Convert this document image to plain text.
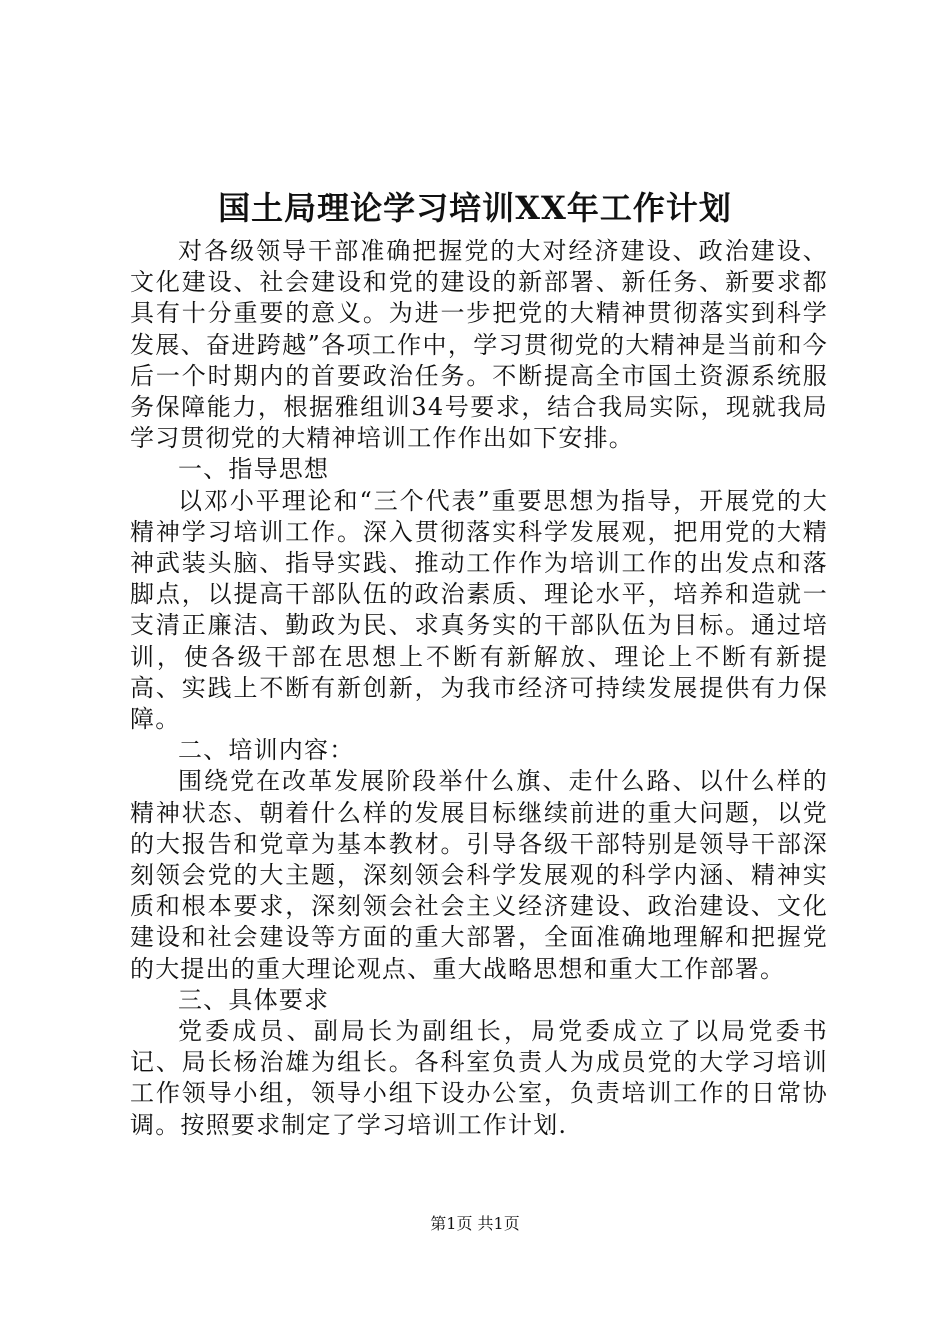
国土局理论学习培训XX年工作计划

对各级领导干部准确把握党的大对经济建设、政治建设、文化建设、社会建设和党的建设的新部署、新任务、新要求都具有十分重要的意义。为进一步把党的大精神贯彻落实到科学发展、奋进跨越”各项工作中，学习贯彻党的大精神是当前和今后一个时期内的首要政治任务。不断提高全市国土资源系统服务保障能力，根据雅组训34号要求，结合我局实际，现就我局学习贯彻党的大精神培训工作作出如下安排。

一、指导思想

以邓小平理论和“三个代表”重要思想为指导，开展党的大精神学习培训工作。深入贯彻落实科学发展观，把用党的大精神武装头脑、指导实践、推动工作作为培训工作的出发点和落脚点，以提高干部队伍的政治素质、理论水平，培养和造就一支清正廉洁、勤政为民、求真务实的干部队伍为目标。通过培训，使各级干部在思想上不断有新解放、理论上不断有新提高、实践上不断有新创新，为我市经济可持续发展提供有力保障。

二、培训内容：

围绕党在改革发展阶段举什么旗、走什么路、以什么样的精神状态、朝着什么样的发展目标继续前进的重大问题，以党的大报告和党章为基本教材。引导各级干部特别是领导干部深刻领会党的大主题，深刻领会科学发展观的科学内涵、精神实质和根本要求，深刻领会社会主义经济建设、政治建设、文化建设和社会建设等方面的重大部署，全面准确地理解和把握党的大提出的重大理论观点、重大战略思想和重大工作部署。

三、具体要求

党委成员、副局长为副组长，局党委成立了以局党委书记、局长杨治雄为组长。各科室负责人为成员党的大学习培训工作领导小组，领导小组下设办公室，负责培训工作的日常协调。按照要求制定了学习培训工作计划.

第1页 共1页
